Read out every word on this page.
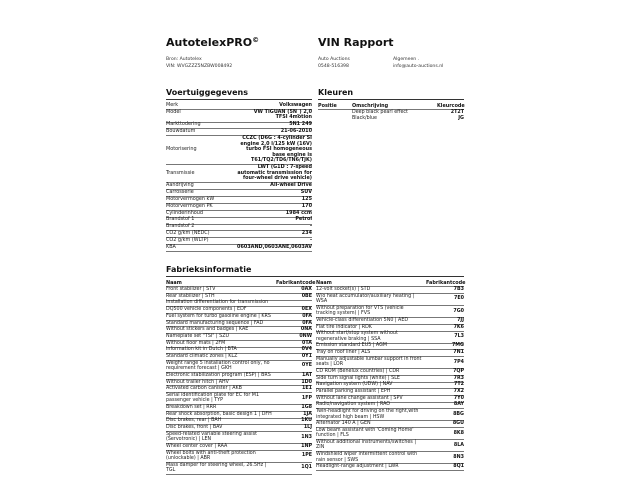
AutotelexPRO©	VIN Rapport
Bron: Autotelex
VIN: WVGZZZ5NZBW008492
Auto Auctions
0548-516398
Algemeen .
info@auto-auctions.nl
Voertuiggegevens	Kleuren
Merk	Volkswagen
Model	VW TIGUAN (5N_) 2,0
TFSI 4motion
Markttodering	5N1 249
Bouwdatum	21-06-2010
Motorisering
CCZC (D6G : 4-cylinder SI
engine 2,0 l/125 kW (16V)
turbo FSI homogeneous
base engine is
T61/TQ2/TD6/TN6/TJK)
Transmissie
LWT (G1D : 7-speed
automatic transmission for
four-wheel drive vehicle)
Aandrijving	All-wheel Drive
Carrosserie	SUV
Motorvermogen kW	125
Motorvermogen PK	170
Cylinderinhoud	1984 ccm
Brandstof 1	Petrol
Brandstof 2	-
CO2 g/km (NEDC)	234
CO2 g/km (WLTP)	-
KBA	0603AND,0603ANE,0603AV
Positie	Omschrijving	Kleurcode
Deep black pearl effect	2T2T
Black/blue	JG
Fabrieksinformatie
Naam	Fabrikantcode Naam	Fabrikantcode
Front stabilizer | STV	0AX
Rear stabilizer | STH	0BE
Installation differentiation for transmission
DQ500 vehicle components | EDF	0EX
Fuel system for turbo gasoline engine | KRS	0FA
Standard manufacturing sequence | FAD	0FA
Without stickers and badges | KAE	0NA
Nameplate set "TSI" | SZU	0NW
Without floor mats | 2FM	0TA
Information kit in Dutch | BTA	0V4
Standard climatic zones | KLZ	0Y1
Weight range 5 installation control only, no
requirement forecast | GKH
0YE
Electronic stabilization program (ESP) | BRS	1AT
Without trailer hitch | AHV	1D0
Activated carbon canister | AKB	1E1
Serial identification plate for EC for M1
passenger vehicle | TYP
1FP
Breakdown set | RRR	1G8
Rear shock absorption, basic design 1 | DFH	1JA
Disc brakes, rear | BAH	1KU
Disc brakes, front | BAV	1LJ
Speed-related variable steering assist
(Servotronic) | LEN
1N3
Wheel center cover | RAA	1NP
Wheel bolts with anti-theft protection
(unlockable) | ABR
1PE
Mass damper for steering wheel, 26.5Hz |
TGL
1Q1
12-volt socket(s) | STD	7B3
W/o heat accumulator/auxiliary heating |
WSA
7E0
Without preparation for VTS (vehicle
tracking system) | FVS
7G0
Vehicle-class differentiation 5N0 | AED	7JJ
Flat tire indicator | RDK	7K6
Without start/stop system without
regenerative braking | SSA
7L3
Emission standard EU5 | AGM	7MG
Tray on roof liner | ALS	7N1
Manually adjustable lumbar support in front
seats | LOR
7P4
CD ROM (Benelux countries) | CDR	7QP
Side turn signal lights (white) | SLE	7R3
Navigation system (UDW) | NAV	7T2
Parallel parking assistant | EPH	7X2
Without lane change assistant | SPV	7Y0
Radio/navigation system | RAO	8AY
Twin-headlight for driving on the right,with
integrated high beam | HSW
8BG
Alternator 140 A | GEN	8GU
Low beam assistant with 'Coming Home'
function | FLS
8K8
Without additional instruments/switches |
ZIN
8LA
Windshield wiper intermittent control with
rain sensor | SWS
8N3
Headlight-range adjustment | LWR	8Q1
